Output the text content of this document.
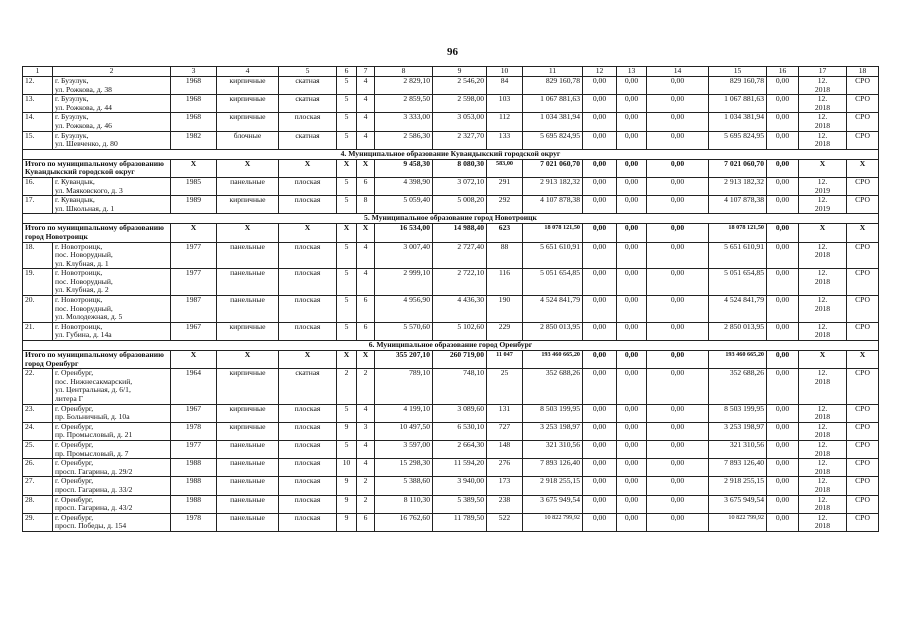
96
1	2	3	4	5	6	7	8	9	10	11	12	13	14	15	16	17	18
12.	г. Бузулук,
ул. Рожкова, д. 38	1968	кирпичные	скатная	5	4	2 829,10	2 546,20	84	829 160,78	0,00	0,00	0,00	829 160,78	0,00	12.
2018	СРО
13.	г. Бузулук,
ул. Рожкова, д. 44	1968	кирпичные	скатная	5	4	2 859,50	2 598,00	103	1 067 881,63	0,00	0,00	0,00	1 067 881,63	0,00	12.
2018	СРО
14.	г. Бузулук,
ул. Рожкова, д. 46	1968	кирпичные	плоская	5	4	3 333,00	3 053,00	112	1 034 381,94	0,00	0,00	0,00	1 034 381,94	0,00	12.
2018	СРО
15.	г. Бузулук,
ул. Шевченко, д. 80	1982	блочные	скатная	5	4	2 586,30	2 327,70	133	5 695 824,95	0,00	0,00	0,00	5 695 824,95	0,00	12.
2018	СРО
4. Муниципальное образование Кувандыкский городской округ																	
Итого по муниципальному образованию Кувандыкский городской округ		X	X	X	X	X	9 458,30	8 080,30	583,00	7 021 060,70	0,00	0,00	0,00	7 021 060,70	0,00	X	X
16.	г. Кувандык,
ул. Маяковского, д. 3	1985	панельные	плоская	5	6	4 398,90	3 072,10	291	2 913 182,32	0,00	0,00	0,00	2 913 182,32	0,00	12.
2019	СРО
17.	г. Кувандык,
ул. Школьная, д. 1	1989	кирпичные	плоская	5	8	5 059,40	5 008,20	292	4 107 878,38	0,00	0,00	0,00	4 107 878,38	0,00	12.
2019	СРО
5. Муниципальное образование город Новотроицк																	
Итого по муниципальному образованию город Новотроицк		X	X	X	X	X	16 534,00	14 988,40	623	18 078 121,50	0,00	0,00	0,00	18 078 121,50	0,00	X	X
18.	г. Новотроицк,
пос. Новорудный,
ул. Клубная, д. 1	1977	панельные	плоская	5	4	3 007,40	2 727,40	88	5 651 610,91	0,00	0,00	0,00	5 651 610,91	0,00	12.
2018	СРО
19.	г. Новотроицк,
пос. Новорудный,
ул. Клубная, д. 2	1977	панельные	плоская	5	4	2 999,10	2 722,10	116	5 051 654,85	0,00	0,00	0,00	5 051 654,85	0,00	12.
2018	СРО
20.	г. Новотроицк,
пос. Новорудный,
ул. Молодежная, д. 5	1987	панельные	плоская	5	6	4 956,90	4 436,30	190	4 524 841,79	0,00	0,00	0,00	4 524 841,79	0,00	12.
2018	СРО
21.	г. Новотроицк,
ул. Губина, д. 14а	1967	кирпичные	плоская	5	6	5 570,60	5 102,60	229	2 850 013,95	0,00	0,00	0,00	2 850 013,95	0,00	12.
2018	СРО
6. Муниципальное образование город Оренбург																	
Итого по муниципальному образованию город Оренбург		X	X	X	X	X	355 207,10	260 719,00	11 047	193 460 665,20	0,00	0,00	0,00	193 460 665,20	0,00	X	X
22.	г. Оренбург,
пос. Нижнесакмарский,
ул. Центральная, д. 6/1,
литера Г	1964	кирпичные	скатная	2	2	789,10	748,10	25	352 688,26	0,00	0,00	0,00	352 688,26	0,00	12.
2018	СРО
23.	г. Оренбург,
пр. Больничный, д. 10а	1967	кирпичные	плоская	5	4	4 199,10	3 089,60	131	8 503 199,95	0,00	0,00	0,00	8 503 199,95	0,00	12.
2018	СРО
24.	г. Оренбург,
пр. Промысловый, д. 21	1978	кирпичные	плоская	9	3	10 497,50	6 530,10	727	3 253 198,97	0,00	0,00	0,00	3 253 198,97	0,00	12.
2018	СРО
25.	г. Оренбург,
пр. Промысловый, д. 7	1977	панельные	плоская	5	4	3 597,00	2 664,30	148	321 310,56	0,00	0,00	0,00	321 310,56	0,00	12.
2018	СРО
26.	г. Оренбург,
просп. Гагарина, д. 29/2	1988	панельные	плоская	10	4	15 298,30	11 594,20	276	7 893 126,40	0,00	0,00	0,00	7 893 126,40	0,00	12.
2018	СРО
27.	г. Оренбург,
просп. Гагарина, д. 33/2	1988	панельные	плоская	9	2	5 388,60	3 940,00	173	2 918 255,15	0,00	0,00	0,00	2 918 255,15	0,00	12.
2018	СРО
28.	г. Оренбург,
просп. Гагарина, д. 43/2	1988	панельные	плоская	9	2	8 110,30	5 389,50	238	3 675 949,54	0,00	0,00	0,00	3 675 949,54	0,00	12.
2018	СРО
29.	г. Оренбург,
просп. Победы, д. 154	1978	панельные	плоская	9	6	16 762,60	11 789,50	522	10 822 799,92	0,00	0,00	0,00	10 822 799,92	0,00	12.
2018	СРО
